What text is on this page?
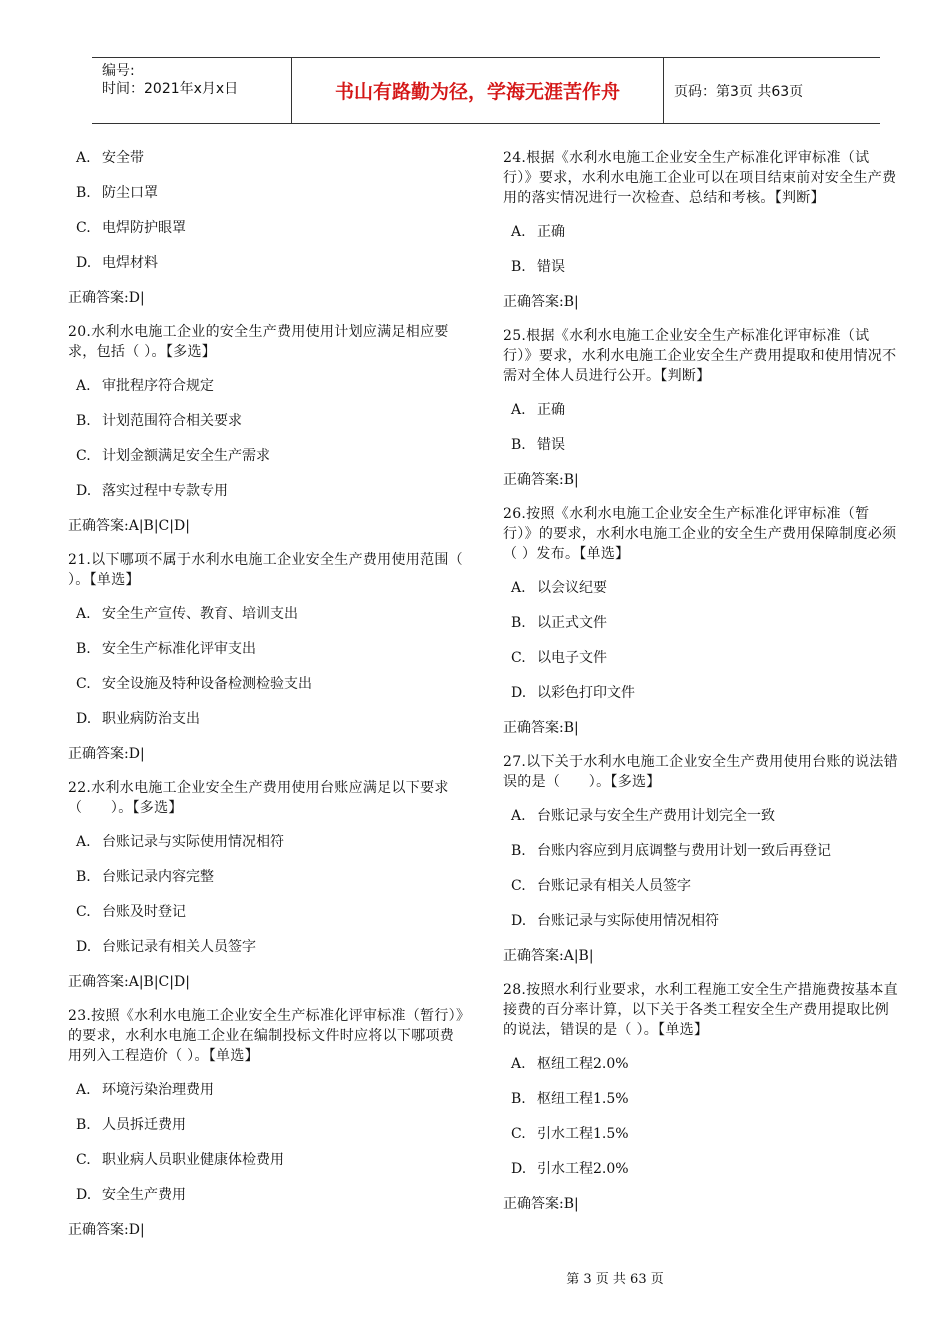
编号:
时间：2021年x月x日	书山有路勤为径，学海无涯苦作舟	页码：第3页 共63页
A. 安全带
B. 防尘口罩
C. 电焊防护眼罩
D. 电焊材料
正确答案:D|
20.水利水电施工企业的安全生产费用使用计划应满足相应要求，包括（ ）。【多选】
A. 审批程序符合规定
B. 计划范围符合相关要求
C. 计划金额满足安全生产需求
D. 落实过程中专款专用
正确答案:A|B|C|D|
21.以下哪项不属于水利水电施工企业安全生产费用使用范围（ ）。【单选】
A. 安全生产宣传、教育、培训支出
B. 安全生产标准化评审支出
C. 安全设施及特种设备检测检验支出
D. 职业病防治支出
正确答案:D|
22.水利水电施工企业安全生产费用使用台账应满足以下要求（　　）。【多选】
A. 台账记录与实际使用情况相符
B. 台账记录内容完整
C. 台账及时登记
D. 台账记录有相关人员签字
正确答案:A|B|C|D|
23.按照《水利水电施工企业安全生产标准化评审标准（暂行）》的要求，水利水电施工企业在编制投标文件时应将以下哪项费用列入工程造价（ ）。【单选】
A. 环境污染治理费用
B. 人员拆迁费用
C. 职业病人员职业健康体检费用
D. 安全生产费用
正确答案:D|
24.根据《水利水电施工企业安全生产标准化评审标准（试行）》要求，水利水电施工企业可以在项目结束前对安全生产费用的落实情况进行一次检查、总结和考核。【判断】
A. 正确
B. 错误
正确答案:B|
25.根据《水利水电施工企业安全生产标准化评审标准（试行）》要求，水利水电施工企业安全生产费用提取和使用情况不需对全体人员进行公开。【判断】
A. 正确
B. 错误
正确答案:B|
26.按照《水利水电施工企业安全生产标准化评审标准（暂行）》的要求，水利水电施工企业的安全生产费用保障制度必须（ ）发布。【单选】
A. 以会议纪要
B. 以正式文件
C. 以电子文件
D. 以彩色打印文件
正确答案:B|
27.以下关于水利水电施工企业安全生产费用使用台账的说法错误的是（　　）。【多选】
A. 台账记录与安全生产费用计划完全一致
B. 台账内容应到月底调整与费用计划一致后再登记
C. 台账记录有相关人员签字
D. 台账记录与实际使用情况相符
正确答案:A|B|
28.按照水利行业要求，水利工程施工安全生产措施费按基本直接费的百分率计算，以下关于各类工程安全生产费用提取比例的说法，错误的是（ ）。【单选】
A. 枢纽工程2.0%
B. 枢纽工程1.5%
C. 引水工程1.5%
D. 引水工程2.0%
正确答案:B|
第 3 页 共 63 页
